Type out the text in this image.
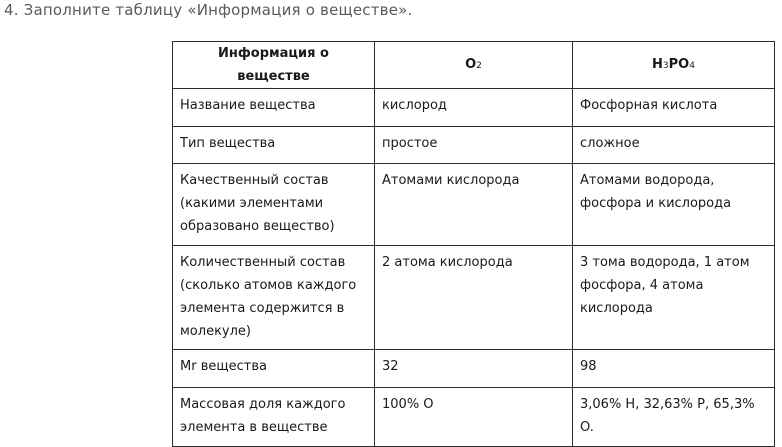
4. Заполните таблицу «Информация о веществе».
Информация о веществе	O2	H3PO4
Название вещества	кислород	Фосфорная кислота
Тип вещества	простое	сложное
Качественный состав (какими элементами образовано вещество)	Атомами кислорода	Атомами водорода, фосфора и кислорода
Количественный состав (сколько атомов каждого элемента содержится в молекуле)	2 атома кислорода	3 тома водорода, 1 атом фосфора, 4 атома кислорода
Mr вещества	32	98
Массовая доля каждого элемента в веществе	100% O	3,06% H, 32,63% P, 65,3% O.
